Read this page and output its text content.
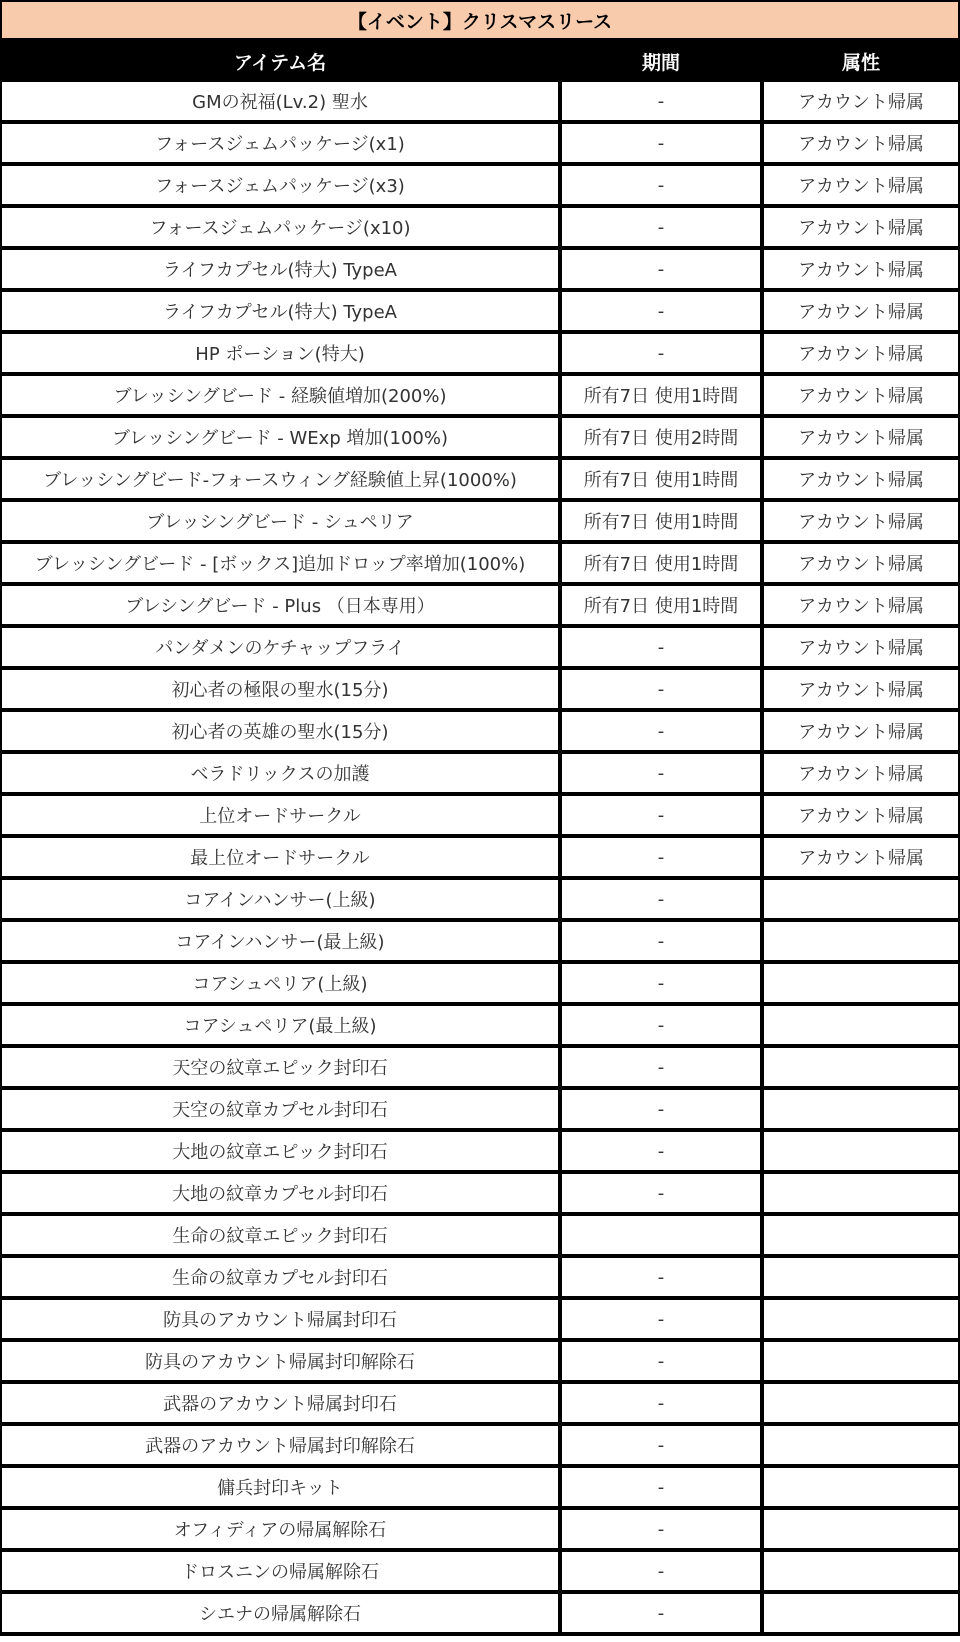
【イベント】クリスマスリース
アイテム名	期間	属性
GMの祝福(Lv.2) 聖水	-	アカウント帰属
フォースジェムパッケージ(x1)	-	アカウント帰属
フォースジェムパッケージ(x3)	-	アカウント帰属
フォースジェムパッケージ(x10)	-	アカウント帰属
ライフカプセル(特大) TypeA	-	アカウント帰属
ライフカプセル(特大) TypeA	-	アカウント帰属
HP ポーション(特大)	-	アカウント帰属
ブレッシングビード - 経験値増加(200%)	所有7日 使用1時間	アカウント帰属
ブレッシングビード - WExp 増加(100%)	所有7日 使用2時間	アカウント帰属
ブレッシングビード-フォースウィング経験値上昇(1000%)	所有7日 使用1時間	アカウント帰属
ブレッシングビード - シュペリア	所有7日 使用1時間	アカウント帰属
ブレッシングビード - [ボックス]追加ドロップ率増加(100%)	所有7日 使用1時間	アカウント帰属
ブレシングビード - Plus （日本専用）	所有7日 使用1時間	アカウント帰属
パンダメンのケチャップフライ	-	アカウント帰属
初心者の極限の聖水(15分)	-	アカウント帰属
初心者の英雄の聖水(15分)	-	アカウント帰属
ベラドリックスの加護	-	アカウント帰属
上位オードサークル	-	アカウント帰属
最上位オードサークル	-	アカウント帰属
コアインハンサー(上級)	-
コアインハンサー(最上級)	-
コアシュペリア(上級)	-
コアシュペリア(最上級)	-
天空の紋章エピック封印石	-
天空の紋章カプセル封印石	-
大地の紋章エピック封印石	-
大地の紋章カプセル封印石	-
生命の紋章エピック封印石
生命の紋章カプセル封印石	-
防具のアカウント帰属封印石	-
防具のアカウント帰属封印解除石	-
武器のアカウント帰属封印石	-
武器のアカウント帰属封印解除石	-
傭兵封印キット	-
オフィディアの帰属解除石	-
ドロスニンの帰属解除石	-
シエナの帰属解除石	-
